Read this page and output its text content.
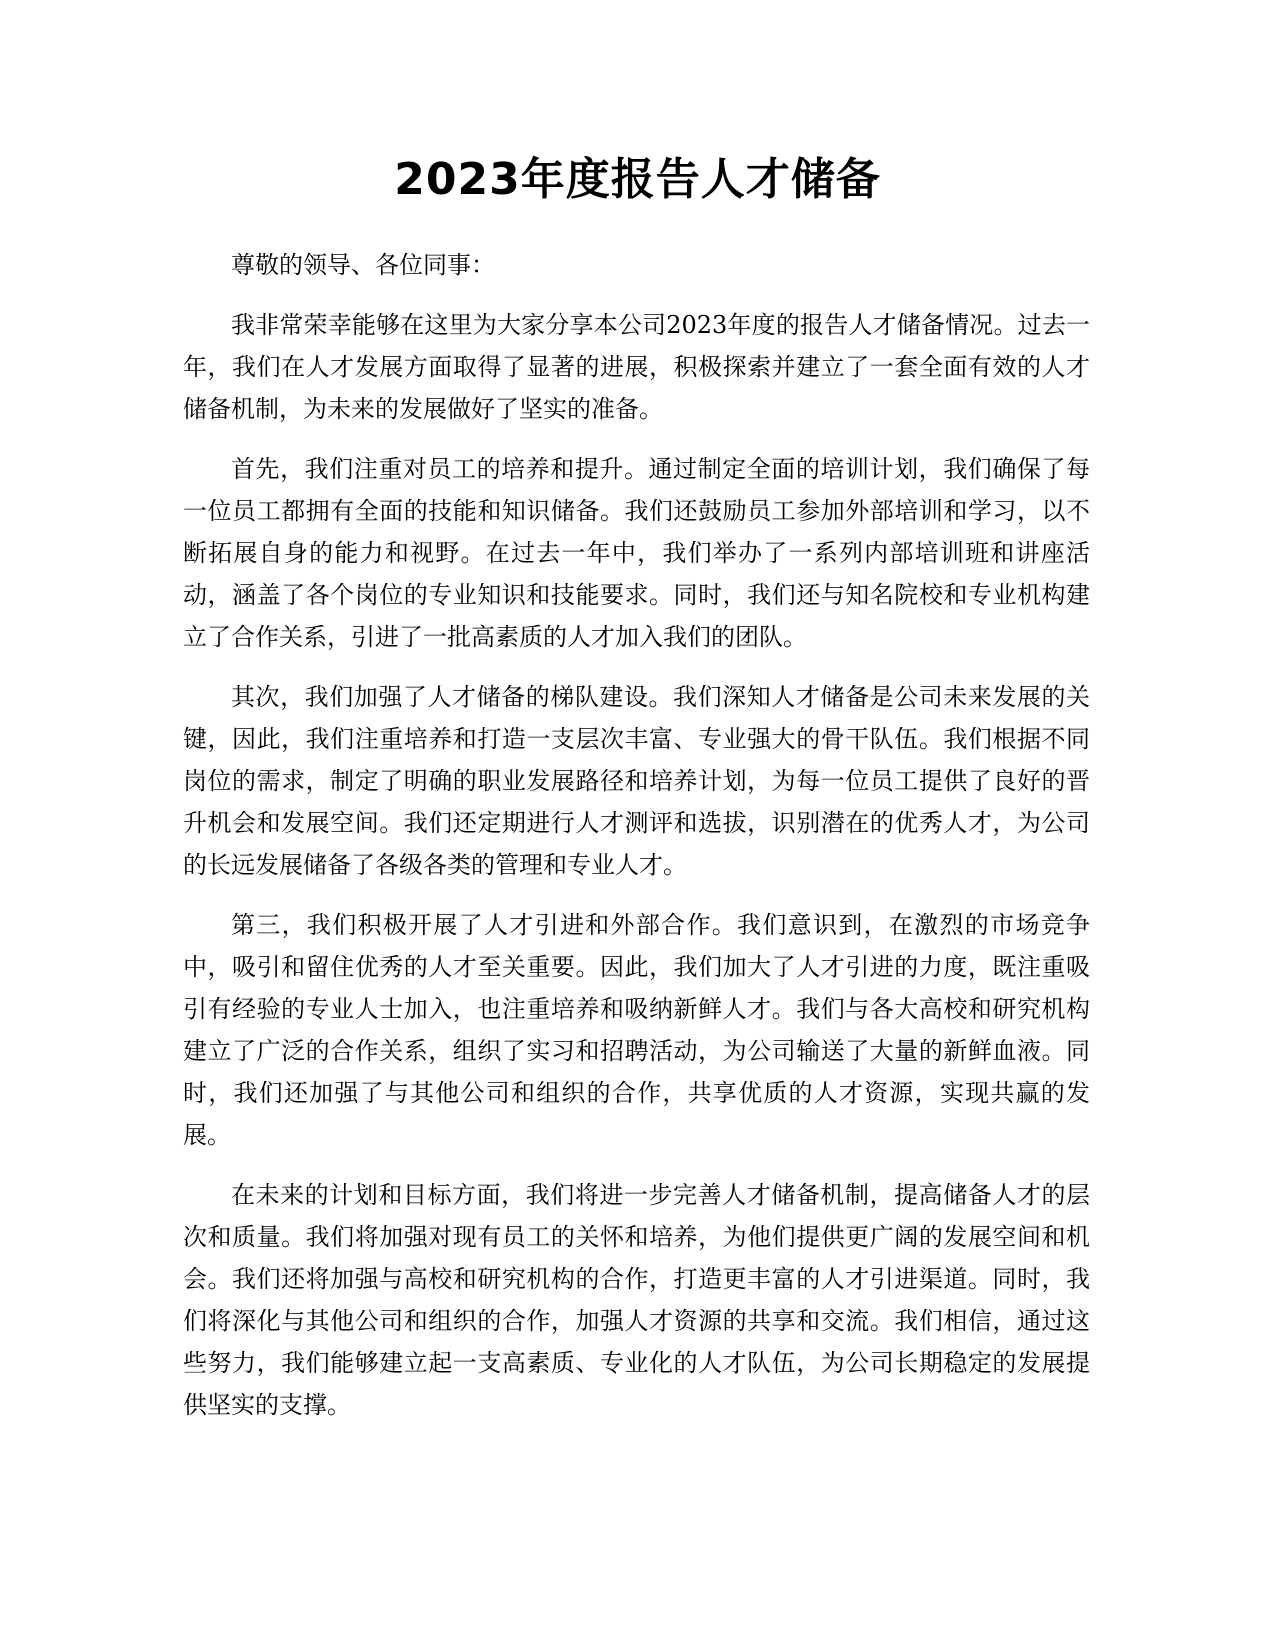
2023年度报告人才储备

尊敬的领导、各位同事：

我非常荣幸能够在这里为大家分享本公司2023年度的报告人才储备情况。过去一年，我们在人才发展方面取得了显著的进展，积极探索并建立了一套全面有效的人才储备机制，为未来的发展做好了坚实的准备。

首先，我们注重对员工的培养和提升。通过制定全面的培训计划，我们确保了每一位员工都拥有全面的技能和知识储备。我们还鼓励员工参加外部培训和学习，以不断拓展自身的能力和视野。在过去一年中，我们举办了一系列内部培训班和讲座活动，涵盖了各个岗位的专业知识和技能要求。同时，我们还与知名院校和专业机构建立了合作关系，引进了一批高素质的人才加入我们的团队。

其次，我们加强了人才储备的梯队建设。我们深知人才储备是公司未来发展的关键，因此，我们注重培养和打造一支层次丰富、专业强大的骨干队伍。我们根据不同岗位的需求，制定了明确的职业发展路径和培养计划，为每一位员工提供了良好的晋升机会和发展空间。我们还定期进行人才测评和选拔，识别潜在的优秀人才，为公司的长远发展储备了各级各类的管理和专业人才。

第三，我们积极开展了人才引进和外部合作。我们意识到，在激烈的市场竞争中，吸引和留住优秀的人才至关重要。因此，我们加大了人才引进的力度，既注重吸引有经验的专业人士加入，也注重培养和吸纳新鲜人才。我们与各大高校和研究机构建立了广泛的合作关系，组织了实习和招聘活动，为公司输送了大量的新鲜血液。同时，我们还加强了与其他公司和组织的合作，共享优质的人才资源，实现共赢的发展。

在未来的计划和目标方面，我们将进一步完善人才储备机制，提高储备人才的层次和质量。我们将加强对现有员工的关怀和培养，为他们提供更广阔的发展空间和机会。我们还将加强与高校和研究机构的合作，打造更丰富的人才引进渠道。同时，我们将深化与其他公司和组织的合作，加强人才资源的共享和交流。我们相信，通过这些努力，我们能够建立起一支高素质、专业化的人才队伍，为公司长期稳定的发展提供坚实的支撑。
